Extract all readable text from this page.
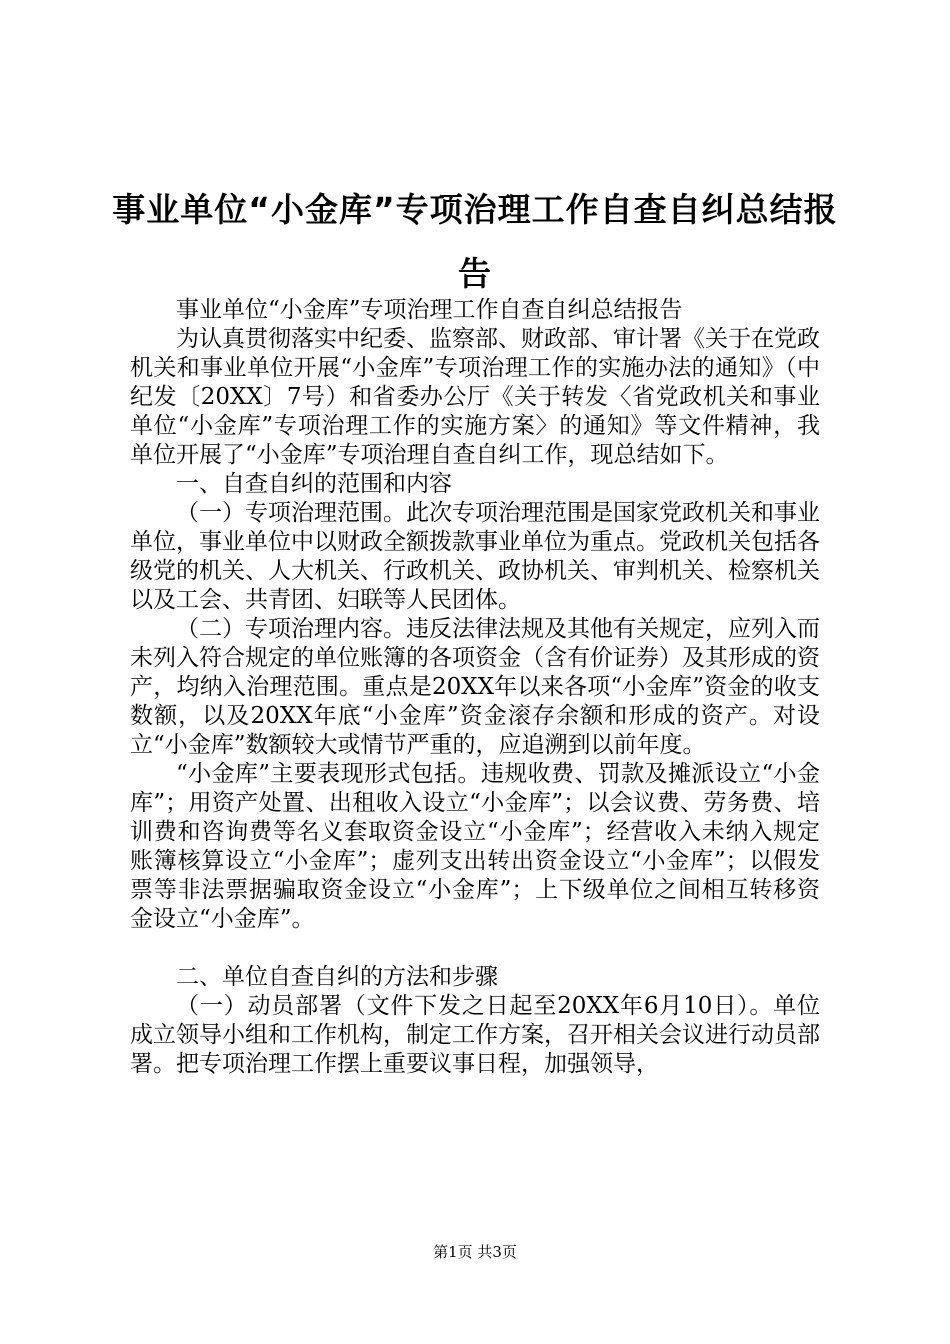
事业单位“小金库”专项治理工作自查自纠总结报告

事业单位“小金库”专项治理工作自查自纠总结报告

为认真贯彻落实中纪委、监察部、财政部、审计署《关于在党政机关和事业单位开展“小金库”专项治理工作的实施办法的通知》（中纪发〔20XX〕7号）和省委办公厅《关于转发〈省党政机关和事业单位“小金库”专项治理工作的实施方案〉的通知》等文件精神，我单位开展了“小金库”专项治理自查自纠工作，现总结如下。

一、自查自纠的范围和内容

（一）专项治理范围。此次专项治理范围是国家党政机关和事业单位，事业单位中以财政全额拨款事业单位为重点。党政机关包括各级党的机关、人大机关、行政机关、政协机关、审判机关、检察机关以及工会、共青团、妇联等人民团体。

（二）专项治理内容。违反法律法规及其他有关规定，应列入而未列入符合规定的单位账簿的各项资金（含有价证券）及其形成的资产，均纳入治理范围。重点是20XX年以来各项“小金库”资金的收支数额，以及20XX年底“小金库”资金滚存余额和形成的资产。对设立“小金库”数额较大或情节严重的，应追溯到以前年度。

“小金库”主要表现形式包括。违规收费、罚款及摊派设立“小金库”；用资产处置、出租收入设立“小金库”；以会议费、劳务费、培训费和咨询费等名义套取资金设立“小金库”；经营收入未纳入规定账簿核算设立“小金库”；虚列支出转出资金设立“小金库”；以假发票等非法票据骗取资金设立“小金库”；上下级单位之间相互转移资金设立“小金库”。

二、单位自查自纠的方法和步骤

（一）动员部署（文件下发之日起至20XX年6月10日）。单位成立领导小组和工作机构，制定工作方案，召开相关会议进行动员部署。把专项治理工作摆上重要议事日程，加强领导，

第1页 共3页
